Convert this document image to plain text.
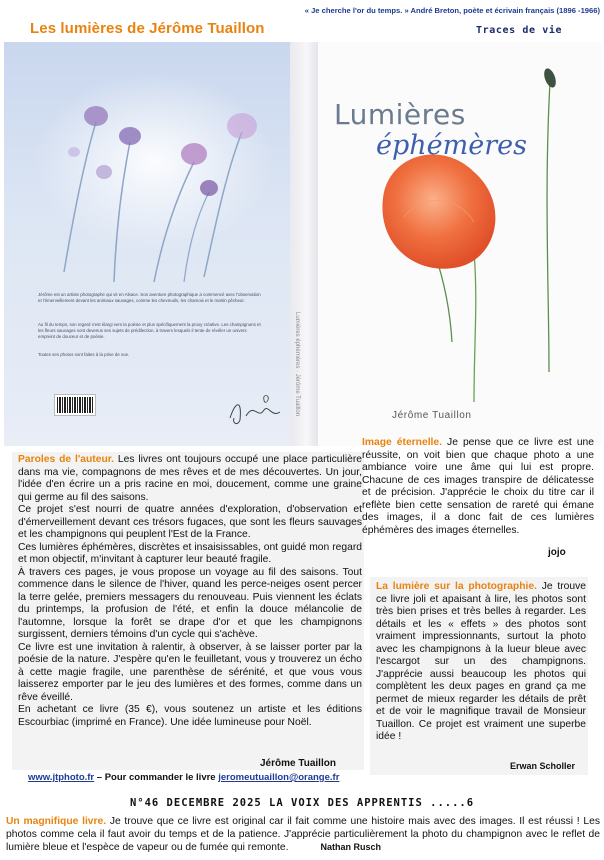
« Je cherche l'or du temps. » André Breton, poète et écrivain français (1896 -1966)
Les lumières de Jérôme Tuaillon	Traces de vie
Lumières éphémères · Jérôme Tuaillon
Jérôme est un artiste photographe qui vit en Alsace. Son aventure photographique a commencé avec l'observation et l'émerveillement devant les animaux sauvages, comme les chevreuils, les chamois et le martin pêcheur.
Au fil du temps, son regard s'est élargi vers la poésie et plus spécifiquement la proxy créative. Les champignons et les fleurs sauvages sont devenus ses sujets de prédilection, à travers lesquels il tente de révéler un univers empreint de douceur et de poésie.
Toutes ses photos sont faites à la prise de vue.
Lumières
éphémères
Jérôme Tuaillon

Paroles de l'auteur. Les livres ont toujours occupé une place particulière dans ma vie, compagnons de mes rêves et de mes découvertes. Un jour, l'idée d'en écrire un a pris racine en moi, doucement, comme une graine qui germe au fil des saisons.

Ce projet s'est nourri de quatre années d'exploration, d'observation et d'émerveillement devant ces trésors fugaces, que sont les fleurs sauvages et les champignons qui peuplent l'Est de la France.

Ces lumières éphémères, discrètes et insaisissables, ont guidé mon regard et mon objectif, m'invitant à capturer leur beauté fragile.

À travers ces pages, je vous propose un voyage au fil des saisons. Tout commence dans le silence de l'hiver, quand les perce-neiges osent percer la terre gelée, premiers messagers du renouveau. Puis viennent les éclats du printemps, la profusion de l'été, et enfin la douce mélancolie de l'automne, lorsque la forêt se drape d'or et que les champignons surgissent, derniers témoins d'un cycle qui s'achève.

Ce livre est une invitation à ralentir, à observer, à se laisser porter par la poésie de la nature. J'espère qu'en le feuilletant, vous y trouverez un écho à cette magie fragile, une parenthèse de sérénité, et que vous vous laisserez emporter par le jeu des lumières et des formes, comme dans un rêve éveillé.

En achetant ce livre (35 €), vous soutenez un artiste et les éditions Escourbiac (imprimé en France). Une idée lumineuse pour Noël.

Jérôme Tuaillon
www.jtphoto.fr – Pour commander le livre jeromeutuaillon@orange.fr
Image éternelle. Je pense que ce livre est une réussite, on voit bien que chaque photo a une ambiance voire une âme qui lui est propre. Chacune de ces images transpire de délicatesse et de précision. J'apprécie le choix du titre car il reflète bien cette sensation de rareté qui émane des images, il a donc fait de ces lumières éphémères des images éternelles.
jojo
La lumière sur la photographie. Je trouve ce livre joli et apaisant à lire, les photos sont très bien prises et très belles à regarder. Les détails et les « effets » des photos sont vraiment impressionnants, surtout la photo avec les champignons à la lueur bleue avec l'escargot sur un des champignons. J'apprécie aussi beaucoup les photos qui complètent les deux pages en grand ça me permet de mieux regarder les détails de prêt et de voir le magnifique travail de Monsieur Tuaillon. Ce projet est vraiment une superbe idée !
Erwan Scholler
N°46 DECEMBRE 2025 LA VOIX DES APPRENTIS .....6
Un magnifique livre. Je trouve que ce livre est original car il fait comme une histoire mais avec des images. Il est réussi ! Les photos comme cela il faut avoir du temps et de la patience. J'apprécie particulièrement la photo du champignon avec le reflet de lumière bleue et l'espèce de vapeur ou de fumée qui remonte.	Nathan Rusch
